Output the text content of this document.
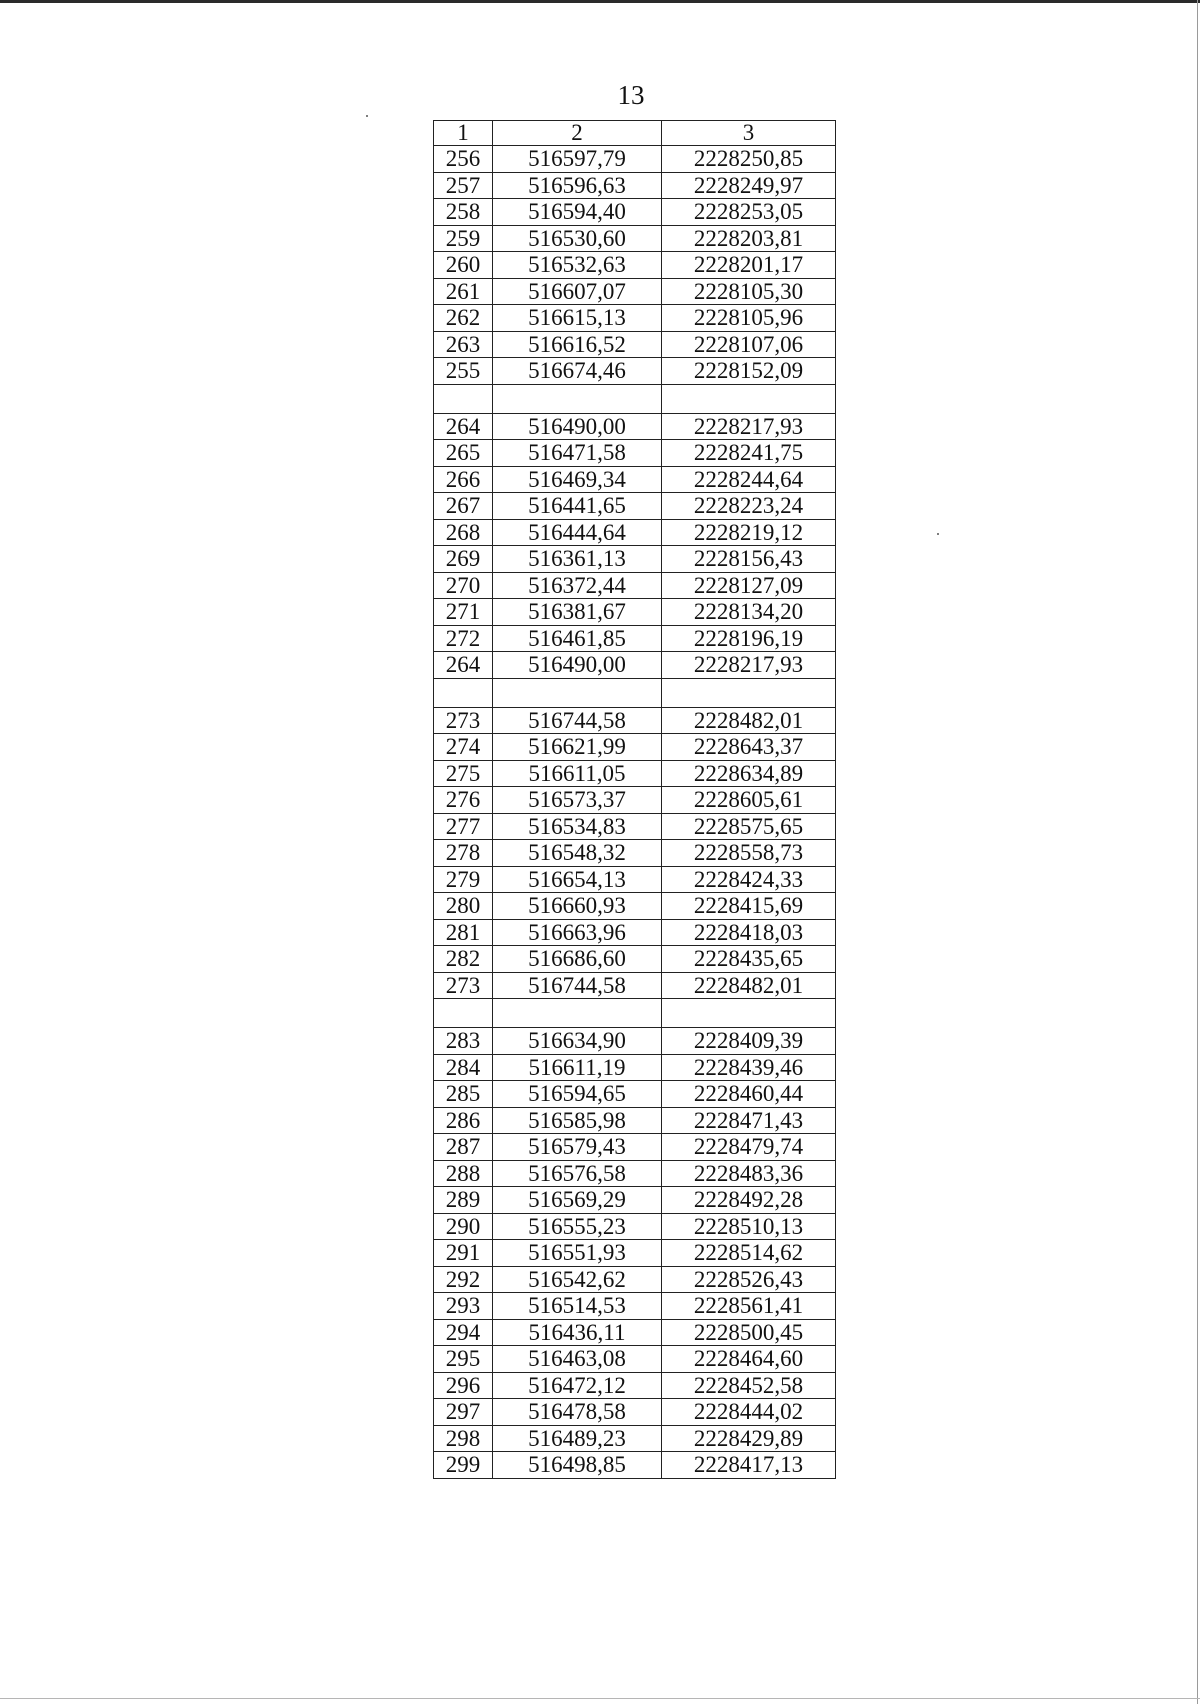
13
1	2	3
256	516597,79	2228250,85
257	516596,63	2228249,97
258	516594,40	2228253,05
259	516530,60	2228203,81
260	516532,63	2228201,17
261	516607,07	2228105,30
262	516615,13	2228105,96
263	516616,52	2228107,06
255	516674,46	2228152,09

264	516490,00	2228217,93
265	516471,58	2228241,75
266	516469,34	2228244,64
267	516441,65	2228223,24
268	516444,64	2228219,12
269	516361,13	2228156,43
270	516372,44	2228127,09
271	516381,67	2228134,20
272	516461,85	2228196,19
264	516490,00	2228217,93

273	516744,58	2228482,01
274	516621,99	2228643,37
275	516611,05	2228634,89
276	516573,37	2228605,61
277	516534,83	2228575,65
278	516548,32	2228558,73
279	516654,13	2228424,33
280	516660,93	2228415,69
281	516663,96	2228418,03
282	516686,60	2228435,65
273	516744,58	2228482,01

283	516634,90	2228409,39
284	516611,19	2228439,46
285	516594,65	2228460,44
286	516585,98	2228471,43
287	516579,43	2228479,74
288	516576,58	2228483,36
289	516569,29	2228492,28
290	516555,23	2228510,13
291	516551,93	2228514,62
292	516542,62	2228526,43
293	516514,53	2228561,41
294	516436,11	2228500,45
295	516463,08	2228464,60
296	516472,12	2228452,58
297	516478,58	2228444,02
298	516489,23	2228429,89
299	516498,85	2228417,13
